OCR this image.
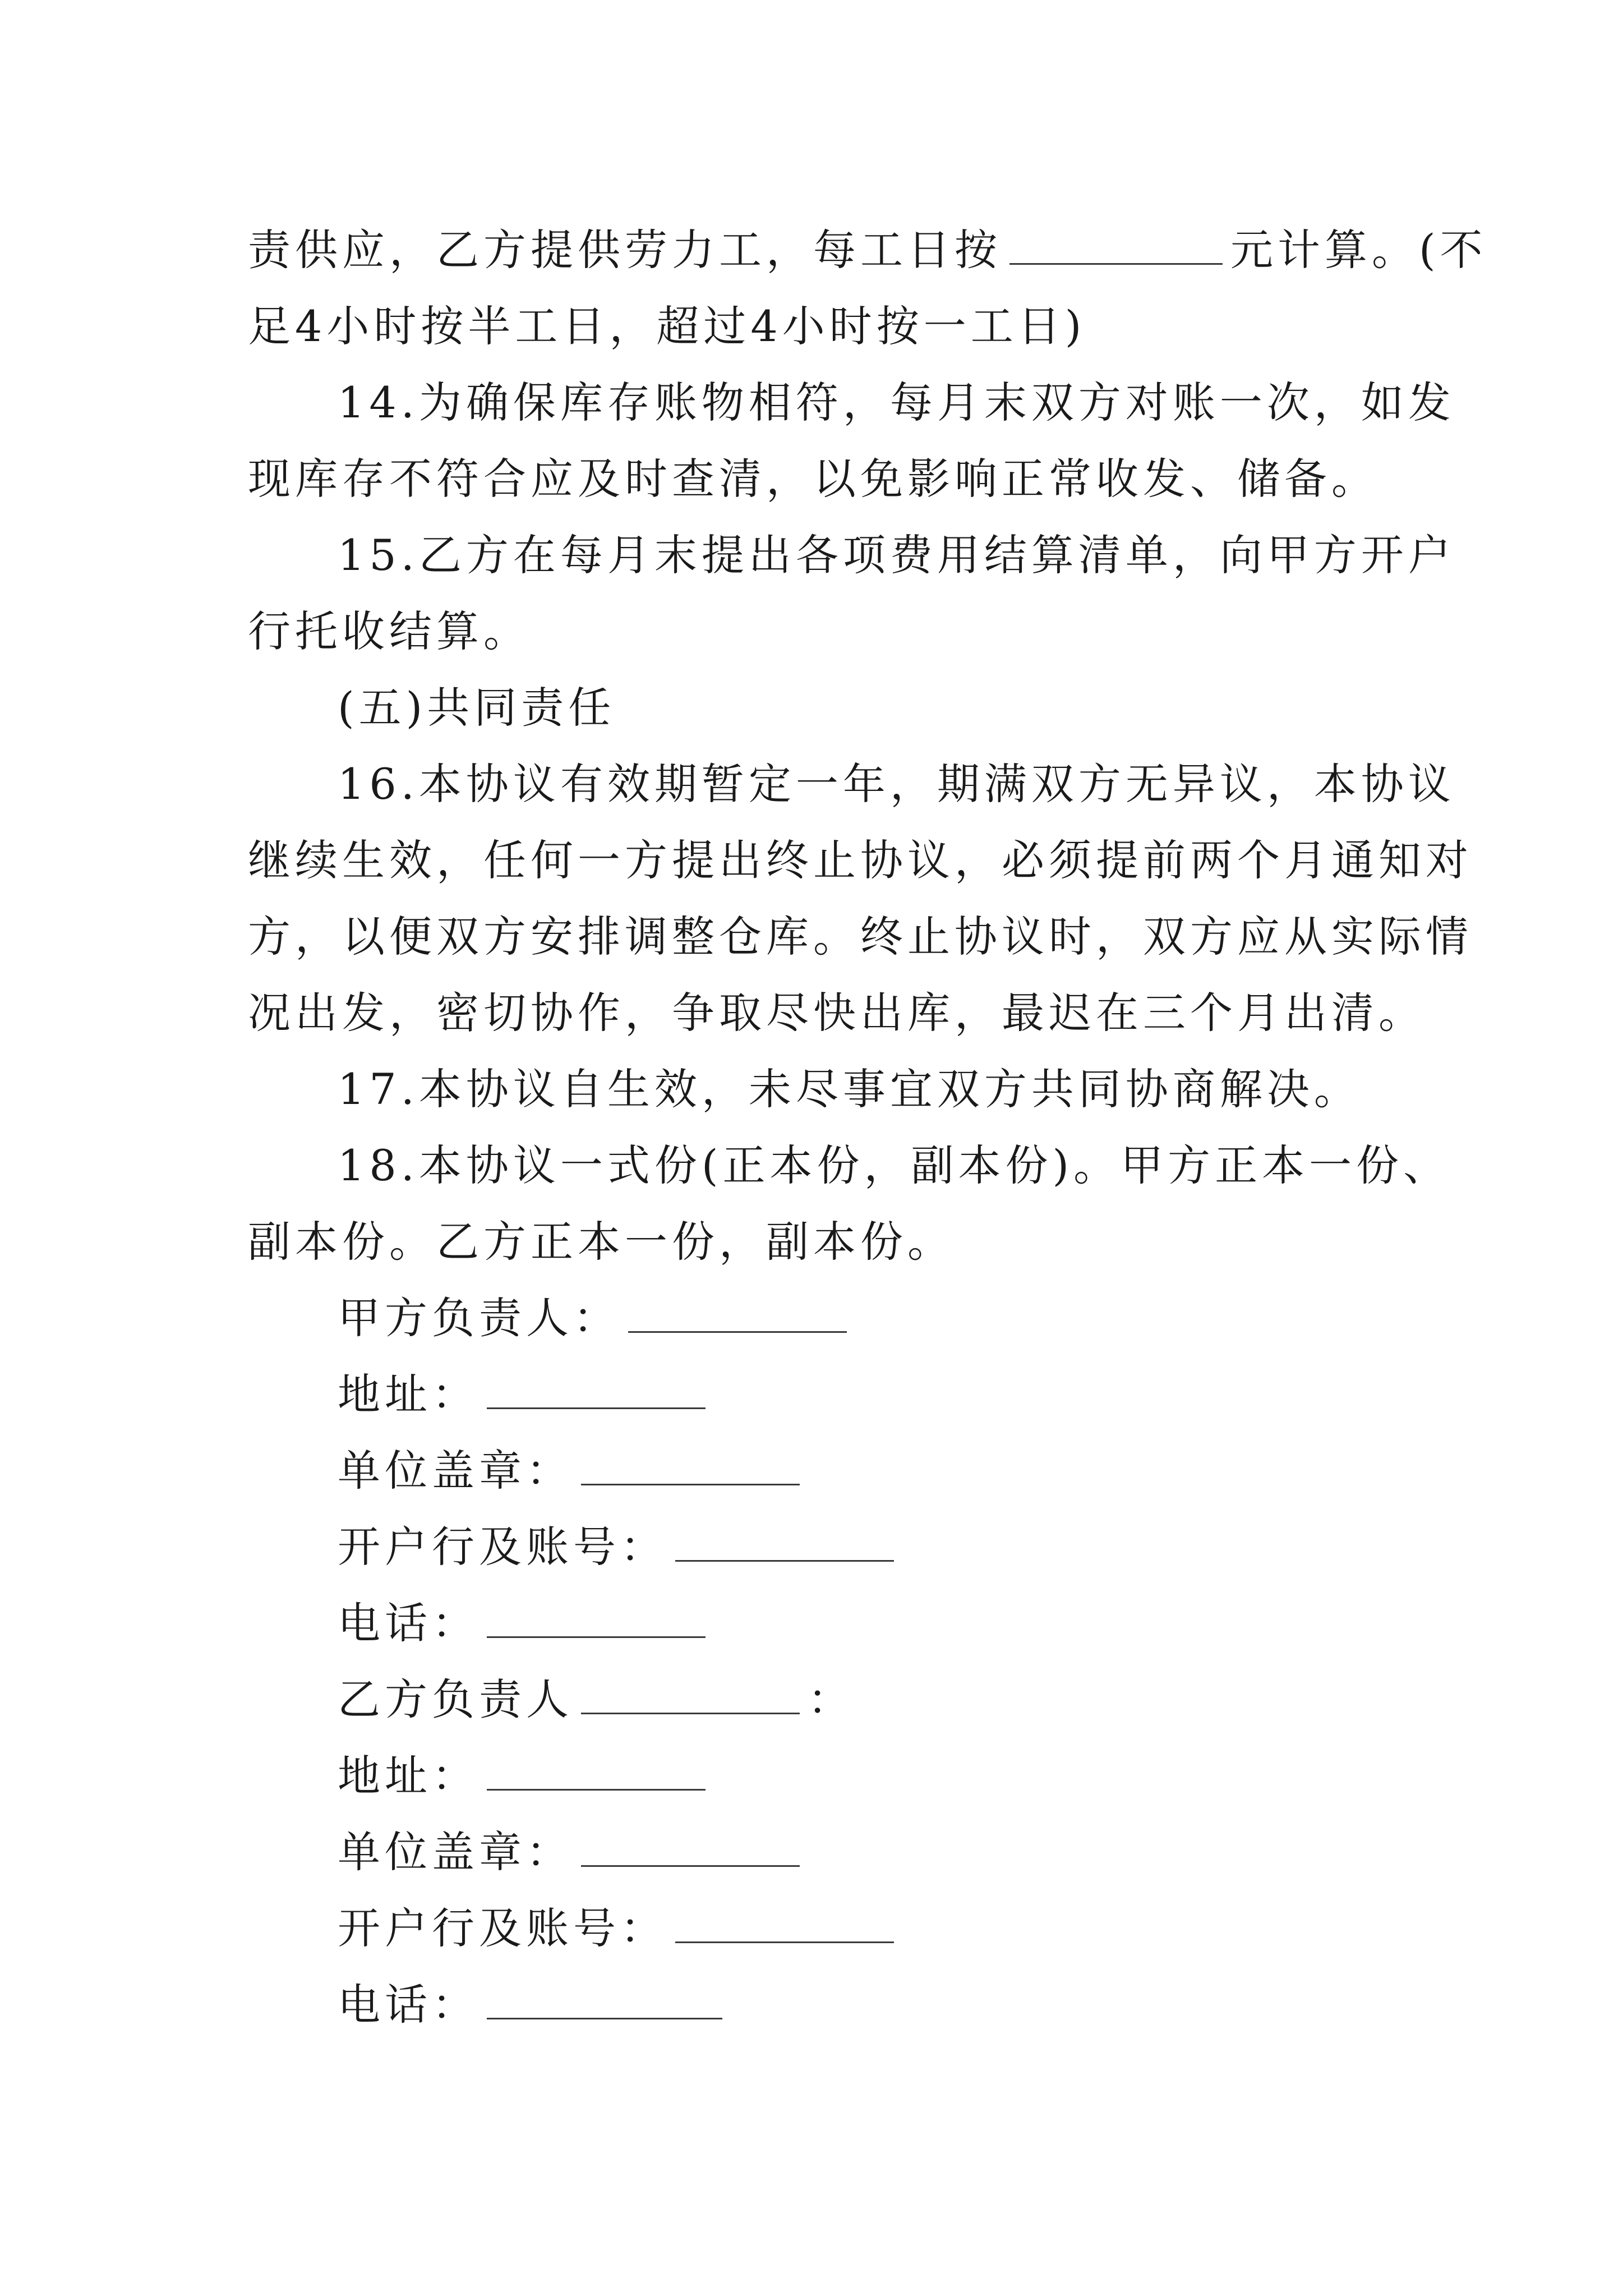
责供应，乙方提供劳力工，每工日按	元计算。(不
足4小时按半工日，超过4小时按一工日)
14.为确保库存账物相符，每月末双方对账一次，如发
现库存不符合应及时查清，以免影响正常收发、储备。
15.乙方在每月末提出各项费用结算清单，向甲方开户
行托收结算。
(五)共同责任
16.本协议有效期暂定一年，期满双方无异议，本协议
继续生效，任何一方提出终止协议，必须提前两个月通知对
方，以便双方安排调整仓库。终止协议时，双方应从实际情
况出发，密切协作，争取尽快出库，最迟在三个月出清。
17.本协议自生效，未尽事宜双方共同协商解决。
18.本协议一式份(正本份，副本份)。甲方正本一份、
副本份。乙方正本一份，副本份。
甲方负责人：
地址：
单位盖章：
开户行及账号：
电话：
乙方负责人	：
地址：
单位盖章：
开户行及账号：
电话：
